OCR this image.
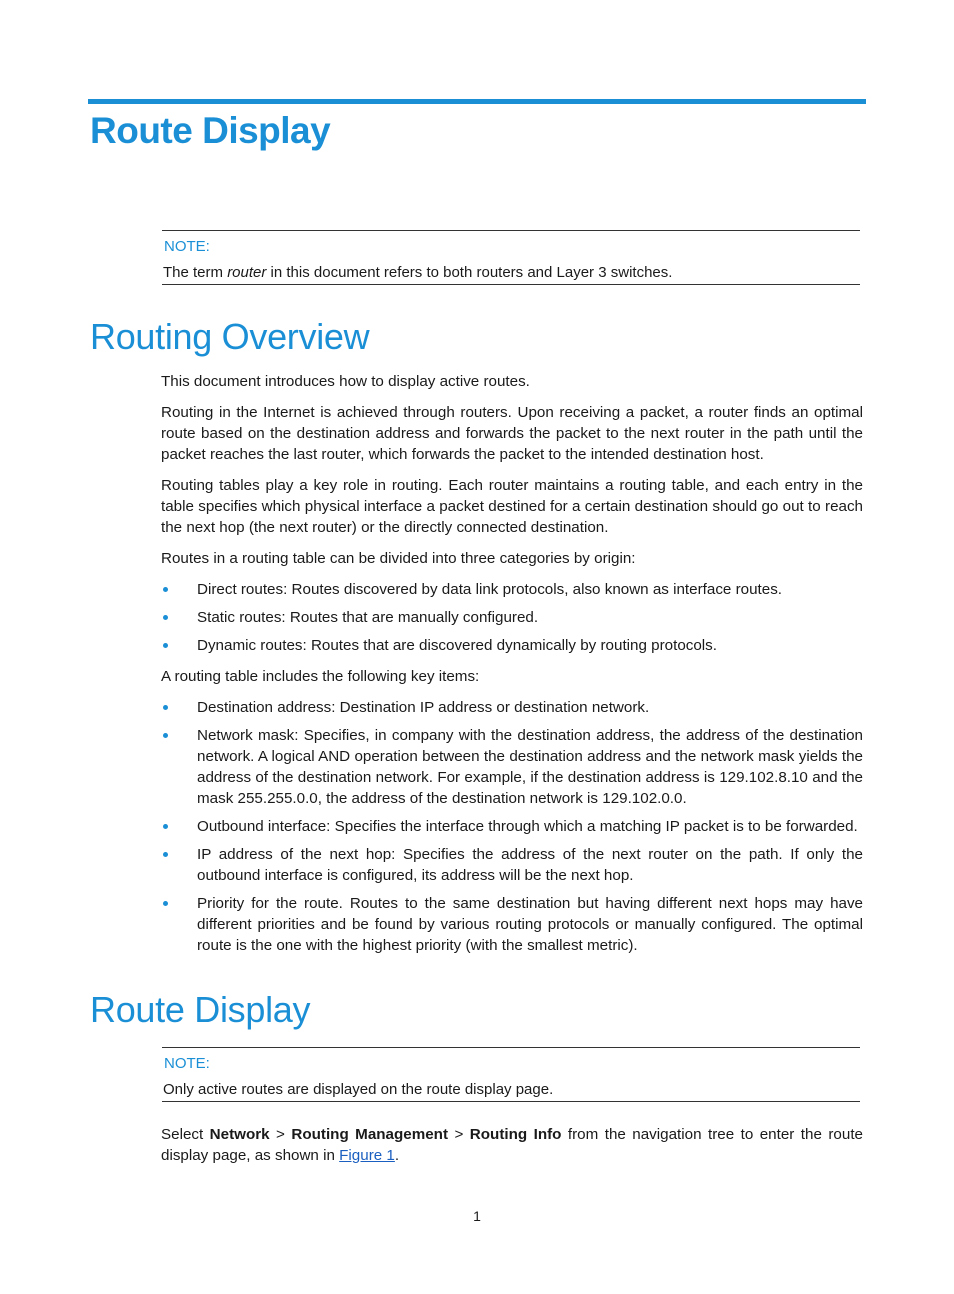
Route Display
NOTE:
The term router in this document refers to both routers and Layer 3 switches.
Routing Overview

This document introduces how to display active routes.

Routing in the Internet is achieved through routers. Upon receiving a packet, a router finds an optimal route based on the destination address and forwards the packet to the next router in the path until the packet reaches the last router, which forwards the packet to the intended destination host.

Routing tables play a key role in routing. Each router maintains a routing table, and each entry in the table specifies which physical interface a packet destined for a certain destination should go out to reach the next hop (the next router) or the directly connected destination.

Routes in a routing table can be divided into three categories by origin:

Direct routes: Routes discovered by data link protocols, also known as interface routes.
Static routes: Routes that are manually configured.
Dynamic routes: Routes that are discovered dynamically by routing protocols.

A routing table includes the following key items:

Destination address: Destination IP address or destination network.
Network mask: Specifies, in company with the destination address, the address of the destination network. A logical AND operation between the destination address and the network mask yields the address of the destination network. For example, if the destination address is 129.102.8.10 and the mask 255.255.0.0, the address of the destination network is 129.102.0.0.
Outbound interface: Specifies the interface through which a matching IP packet is to be forwarded.
IP address of the next hop: Specifies the address of the next router on the path. If only the outbound interface is configured, its address will be the next hop.
Priority for the route. Routes to the same destination but having different next hops may have different priorities and be found by various routing protocols or manually configured. The optimal route is the one with the highest priority (with the smallest metric).
Route Display
NOTE:
Only active routes are displayed on the route display page.

Select Network > Routing Management > Routing Info from the navigation tree to enter the route display page, as shown in Figure 1.

1
